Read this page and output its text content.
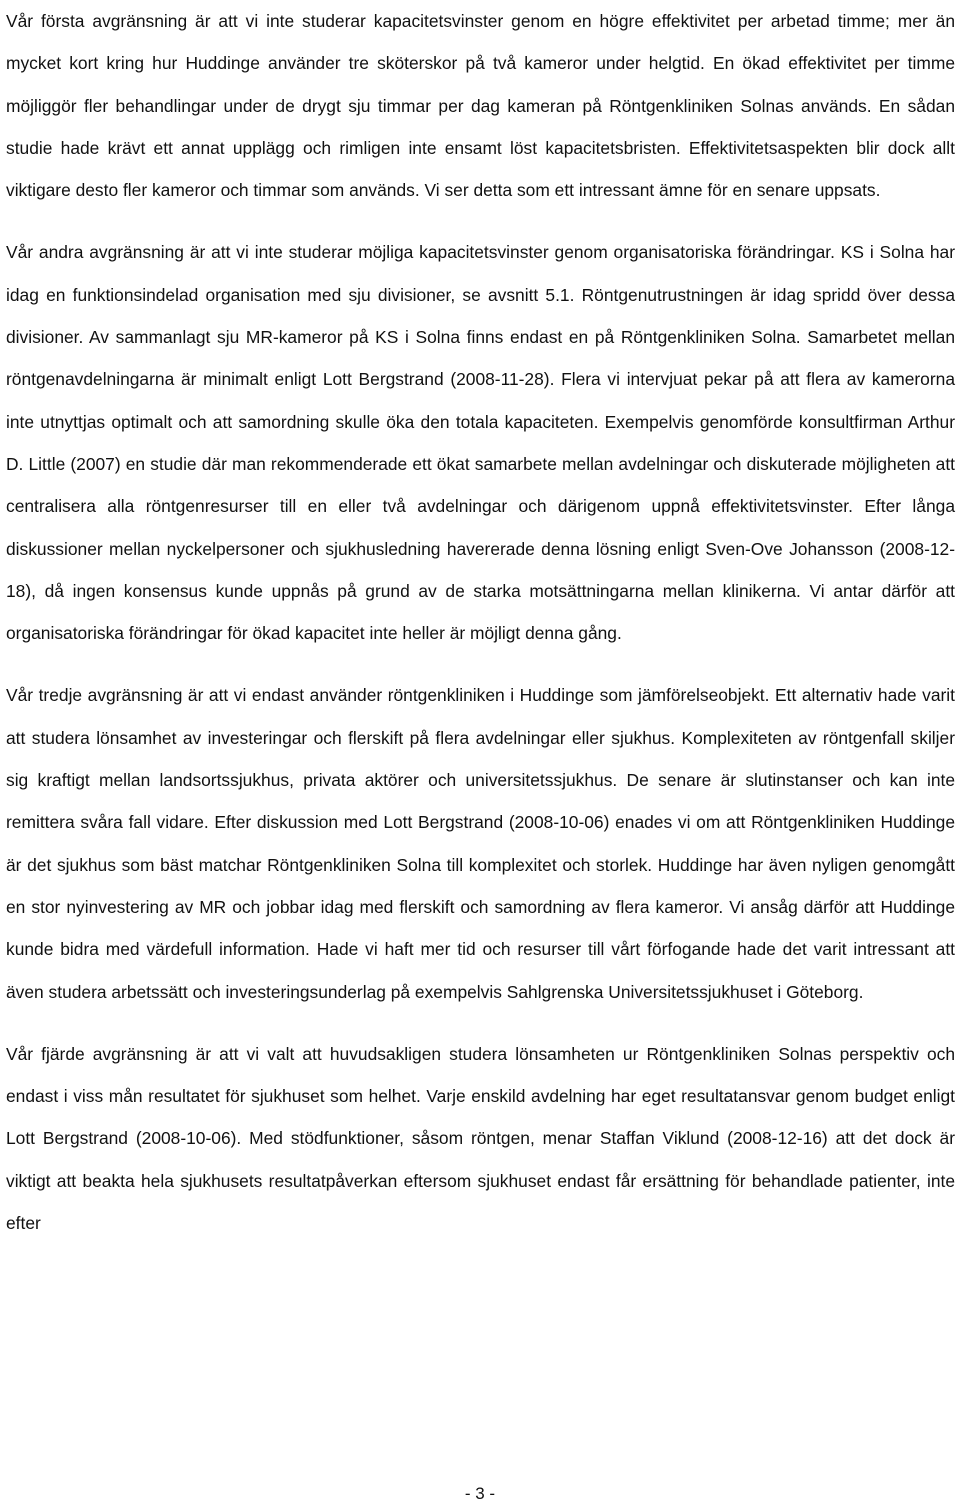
Vår första avgränsning är att vi inte studerar kapacitetsvinster genom en högre effektivitet per arbetad timme; mer än mycket kort kring hur Huddinge använder tre sköterskor på två kameror under helgtid. En ökad effektivitet per timme möjliggör fler behandlingar under de drygt sju timmar per dag kameran på Röntgenkliniken Solnas används. En sådan studie hade krävt ett annat upplägg och rimligen inte ensamt löst kapacitetsbristen. Effektivitetsaspekten blir dock allt viktigare desto fler kameror och timmar som används. Vi ser detta som ett intressant ämne för en senare uppsats.

Vår andra avgränsning är att vi inte studerar möjliga kapacitetsvinster genom organisatoriska förändringar. KS i Solna har idag en funktionsindelad organisation med sju divisioner, se avsnitt 5.1. Röntgenutrustningen är idag spridd över dessa divisioner. Av sammanlagt sju MR-kameror på KS i Solna finns endast en på Röntgenkliniken Solna. Samarbetet mellan röntgenavdelningarna är minimalt enligt Lott Bergstrand (2008-11-28). Flera vi intervjuat pekar på att flera av kamerorna inte utnyttjas optimalt och att samordning skulle öka den totala kapaciteten. Exempelvis genomförde konsultfirman Arthur D. Little (2007) en studie där man rekommenderade ett ökat samarbete mellan avdelningar och diskuterade möjligheten att centralisera alla röntgenresurser till en eller två avdelningar och därigenom uppnå effektivitetsvinster. Efter långa diskussioner mellan nyckelpersoner och sjukhusledning havererade denna lösning enligt Sven-Ove Johansson (2008-12-18), då ingen konsensus kunde uppnås på grund av de starka motsättningarna mellan klinikerna. Vi antar därför att organisatoriska förändringar för ökad kapacitet inte heller är möjligt denna gång.

Vår tredje avgränsning är att vi endast använder röntgenkliniken i Huddinge som jämförelseobjekt. Ett alternativ hade varit att studera lönsamhet av investeringar och flerskift på flera avdelningar eller sjukhus. Komplexiteten av röntgenfall skiljer sig kraftigt mellan landsortssjukhus, privata aktörer och universitetssjukhus. De senare är slutinstanser och kan inte remittera svåra fall vidare. Efter diskussion med Lott Bergstrand (2008-10-06) enades vi om att Röntgenkliniken Huddinge är det sjukhus som bäst matchar Röntgenkliniken Solna till komplexitet och storlek. Huddinge har även nyligen genomgått en stor nyinvestering av MR och jobbar idag med flerskift och samordning av flera kameror. Vi ansåg därför att Huddinge kunde bidra med värdefull information. Hade vi haft mer tid och resurser till vårt förfogande hade det varit intressant att även studera arbetssätt och investeringsunderlag på exempelvis Sahlgrenska Universitetssjukhuset i Göteborg.

Vår fjärde avgränsning är att vi valt att huvudsakligen studera lönsamheten ur Röntgenkliniken Solnas perspektiv och endast i viss mån resultatet för sjukhuset som helhet. Varje enskild avdelning har eget resultatansvar genom budget enligt Lott Bergstrand (2008-10-06). Med stödfunktioner, såsom röntgen, menar Staffan Viklund (2008-12-16) att det dock är viktigt att beakta hela sjukhusets resultatpåverkan eftersom sjukhuset endast får ersättning för behandlade patienter, inte efter

- 3 -
